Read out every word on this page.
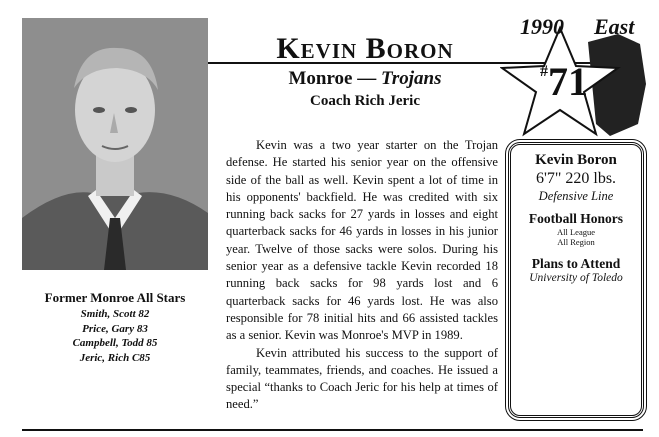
Kevin Boron
Monroe — Trojans
Coach Rich Jeric
1990 East
#71

Kevin was a two year starter on the Trojan defense. He started his senior year on the offensive side of the ball as well. Kevin spent a lot of time in his opponents' backfield. He was credited with six running back sacks for 27 yards in losses and eight quarterback sacks for 46 yards in losses in his junior year. Twelve of those sacks were solos. During his senior year as a defensive tackle Kevin recorded 18 running back sacks for 98 yards lost and 6 quarterback sacks for 46 yards lost. He was also responsible for 78 initial hits and 66 assisted tackles as a senior. Kevin was Monroe's MVP in 1989.

Kevin attributed his success to the support of family, teammates, friends, and coaches. He issued a special “thanks to Coach Jeric for his help at times of need.”

Former Monroe All Stars
Smith, Scott 82
Price, Gary 83
Campbell, Todd 85
Jeric, Rich C85
Kevin Boron
6'7" 220 lbs.
Defensive Line
Football Honors
All League
All Region
Plans to Attend
University of Toledo
